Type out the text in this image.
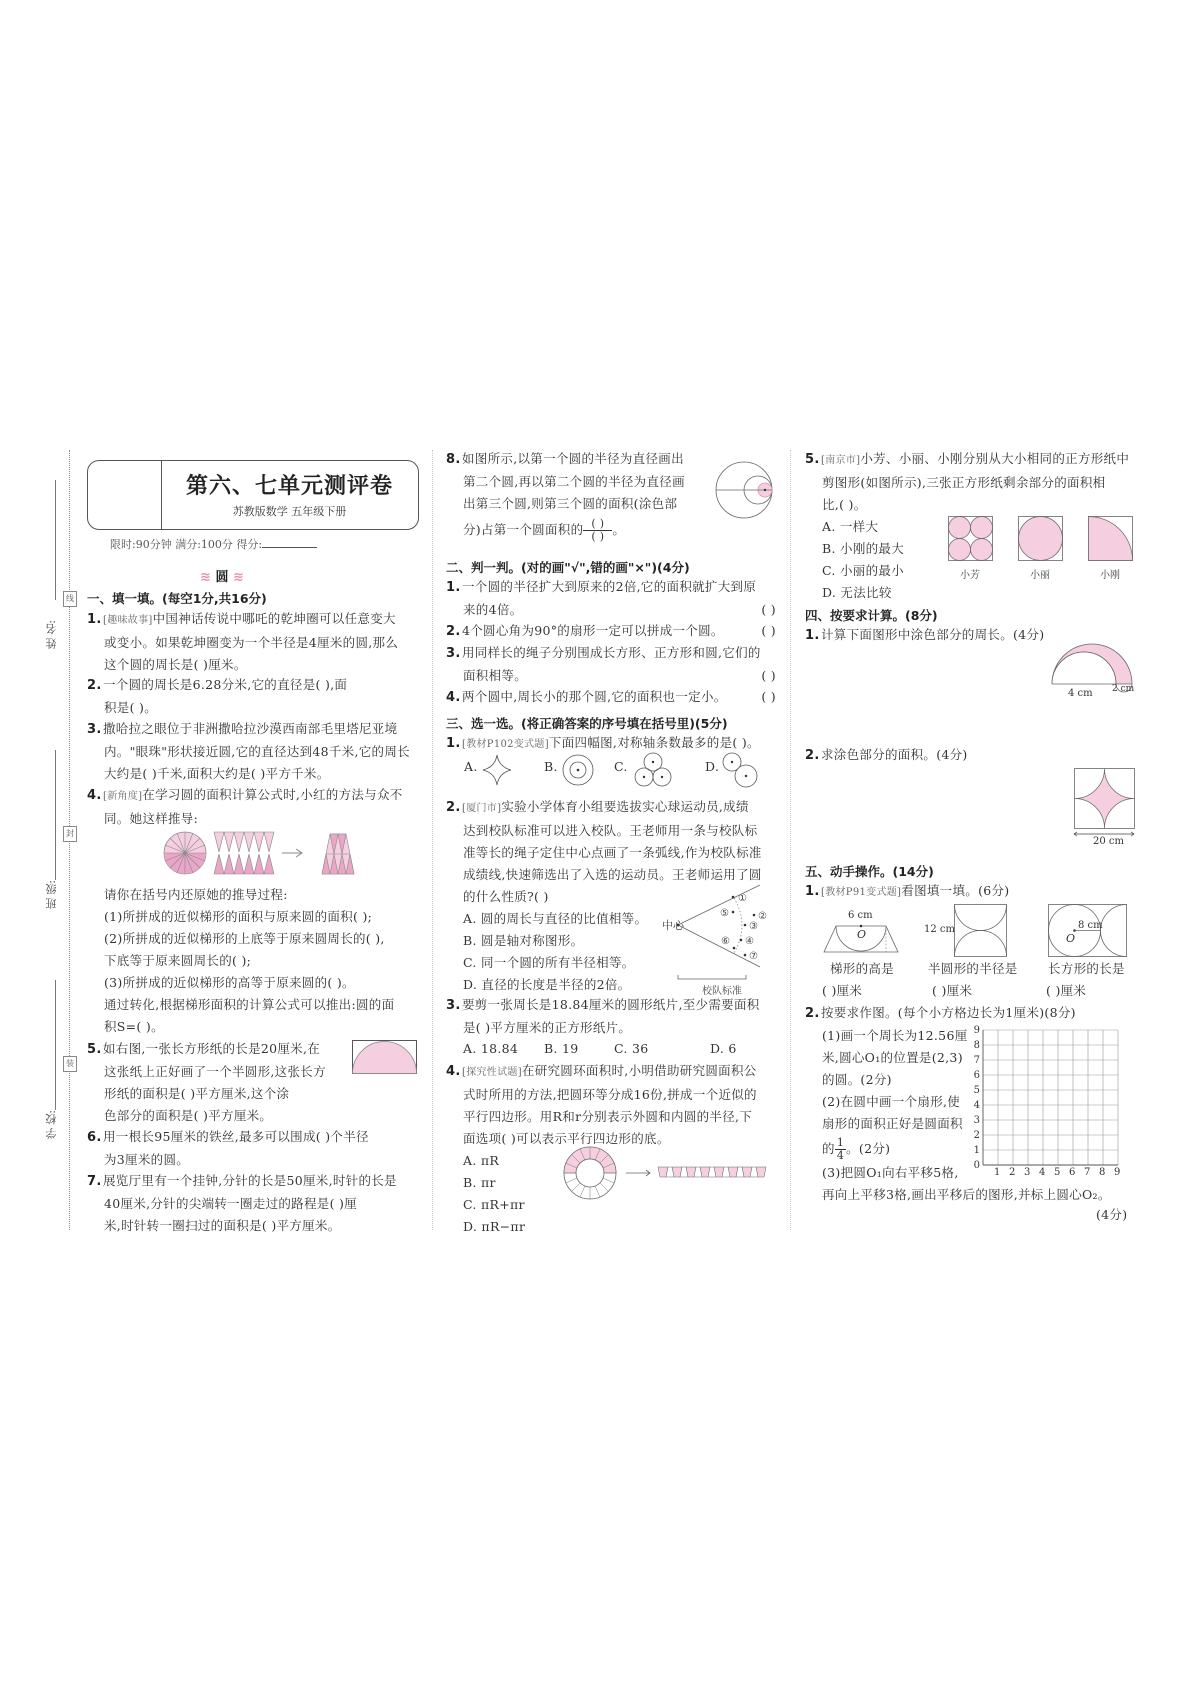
姓 名:
班 级:
学 校:
线
封
装
第六、七单元测评卷
苏教版数学 五年级下册
限时:90分钟 满分:100分 得分:
≋ 圆 ≋
一、填一填。(每空1分,共16分)
1.[趣味故事]中国神话传说中哪吒的乾坤圈可以任意变大
或变小。如果乾坤圈变为一个半径是4厘米的圆,那么
这个圆的周长是( )厘米。
2.一个圆的周长是6.28分米,它的直径是( ),面
积是( )。
3.撒哈拉之眼位于非洲撒哈拉沙漠西南部毛里塔尼亚境
内。"眼珠"形状接近圆,它的直径达到48千米,它的周长
大约是( )千米,面积大约是( )平方千米。
4.[新角度]在学习圆的面积计算公式时,小红的方法与众不
同。她这样推导:
请你在括号内还原她的推导过程:
(1)所拼成的近似梯形的面积与原来圆的面积( );
(2)所拼成的近似梯形的上底等于原来圆周长的( ),
下底等于原来圆周长的( );
(3)所拼成的近似梯形的高等于原来圆的( )。
通过转化,根据梯形面积的计算公式可以推出:圆的面
积S=( )。
5.如右图,一张长方形纸的长是20厘米,在
这张纸上正好画了一个半圆形,这张长方
形纸的面积是( )平方厘米,这个涂
色部分的面积是( )平方厘米。
6.用一根长95厘米的铁丝,最多可以围成( )个半径
为3厘米的圆。
7.展览厅里有一个挂钟,分针的长是50厘米,时针的长是
40厘米,分针的尖端转一圈走过的路程是( )厘
米,时针转一圈扫过的面积是( )平方厘米。
8.如图所示,以第一个圆的半径为直径画出
第二个圆,再以第二个圆的半径为直径画
出第三个圆,则第三个圆的面积(涂色部
分)占第一个圆面积的 $\frac{( )}{( )}$。
二、判一判。(对的画"√",错的画"×")(4分)
1.一个圆的半径扩大到原来的2倍,它的面积就扩大到原
来的4倍。	( )
2.4个圆心角为90°的扇形一定可以拼成一个圆。	( )
3.用同样长的绳子分别围成长方形、正方形和圆,它们的
面积相等。	( )
4.两个圆中,周长小的那个圆,它的面积也一定小。	( )
三、选一选。(将正确答案的序号填在括号里)(5分)
1.[教材P102变式题]下面四幅图,对称轴条数最多的是( )。
A.	B.	C.	D.
2.[厦门市]实验小学体育小组要选拔实心球运动员,成绩
达到校队标准可以进入校队。王老师用一条与校队标
准等长的绳子定住中心点画了一条弧线,作为校队标准
成绩线,快速筛选出了入选的运动员。王老师运用了圆
的什么性质?( )
A. 圆的周长与直径的比值相等。
B. 圆是轴对称图形。
C. 同一个圆的所有半径相等。
D. 直径的长度是半径的2倍。
①
②
③
④
⑤
⑥
⑦
中心
校队标准
3.要剪一张周长是18.84厘米的圆形纸片,至少需要面积
是( )平方厘米的正方形纸片。
A. 18.84 B. 19	C. 36	D. 6
4.[探究性试题]在研究圆环面积时,小明借助研究圆面积公
式时所用的方法,把圆环等分成16份,拼成一个近似的
平行四边形。用R和r分别表示外圆和内圆的半径,下
面选项( )可以表示平行四边形的底。
A. πR
B. πr
C. πR+πr
D. πR−πr
5.[南京市]小芳、小丽、小刚分别从大小相同的正方形纸中
剪图形(如图所示),三张正方形纸剩余部分的面积相
比,( )。
A. 一样大
B. 小刚的最大
C. 小丽的最小
D. 无法比较
小芳	小丽	小刚
四、按要求计算。(8分)
1.计算下面图形中涂色部分的周长。(4分)
4 cm 2 cm
2.求涂色部分的面积。(4分)
20 cm
五、动手操作。(14分)
1.[教材P91变式题]看图填一填。(6分)
6 cm
O	12 cm	8 cm
O
梯形的高是	半圆形的半径是 长方形的长是
( )厘米	( )厘米	( )厘米
2.按要求作图。(每个小方格边长为1厘米)(8分)
(1)画一个周长为12.56厘
米,圆心O₁的位置是(2,3)
的圆。(2分)
(2)在圆中画一个扇形,使
扇形的面积正好是圆面积
的 $\frac{1}{4}$。(2分)
(3)把圆O₁向右平移5格,
再向上平移3格,画出平移后的图形,并标上圆心O₂。
(4分)
9
8
7
6
5
4
3
2
1
0
1 2 3 4 5 6 7 8 9
